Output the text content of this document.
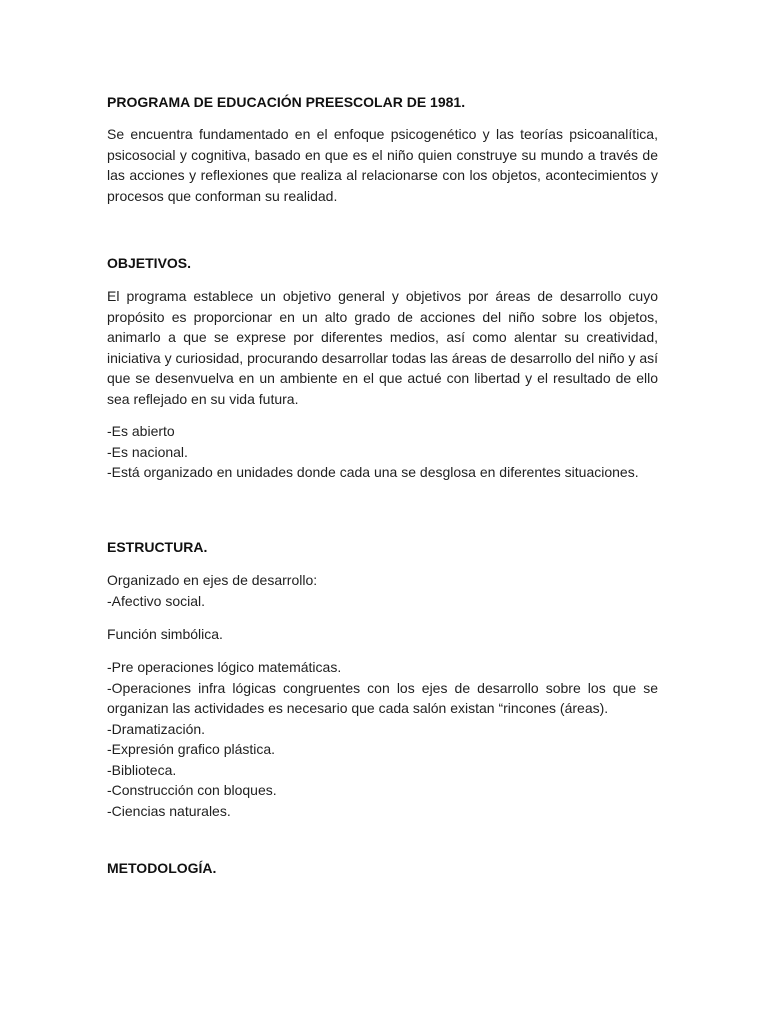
PROGRAMA DE EDUCACIÓN PREESCOLAR DE 1981.

Se encuentra fundamentado en el enfoque psicogenético y las teorías psicoanalítica, psicosocial y cognitiva, basado en que es el niño quien construye su mundo a través de las acciones y reflexiones que realiza al relacionarse con los objetos, acontecimientos y procesos que conforman su realidad.

OBJETIVOS.

El programa establece un objetivo general y objetivos por áreas de desarrollo cuyo propósito es proporcionar en un alto grado de acciones del niño sobre los objetos, animarlo a que se exprese por diferentes medios, así como alentar su creatividad, iniciativa y curiosidad, procurando desarrollar todas las áreas de desarrollo del niño y así que se desenvuelva en un ambiente en el que actué con libertad y el resultado de ello sea reflejado en su vida futura.

-Es abierto

-Es nacional.

-Está organizado en unidades donde cada una se desglosa en diferentes situaciones.

ESTRUCTURA.

Organizado en ejes de desarrollo:

-Afectivo social.

Función simbólica.

-Pre operaciones lógico matemáticas.

-Operaciones infra lógicas congruentes con los ejes de desarrollo sobre los que se organizan las actividades es necesario que cada salón existan “rincones (áreas).

-Dramatización.

-Expresión grafico plástica.

-Biblioteca.

-Construcción con bloques.

-Ciencias naturales.

METODOLOGÍA.
